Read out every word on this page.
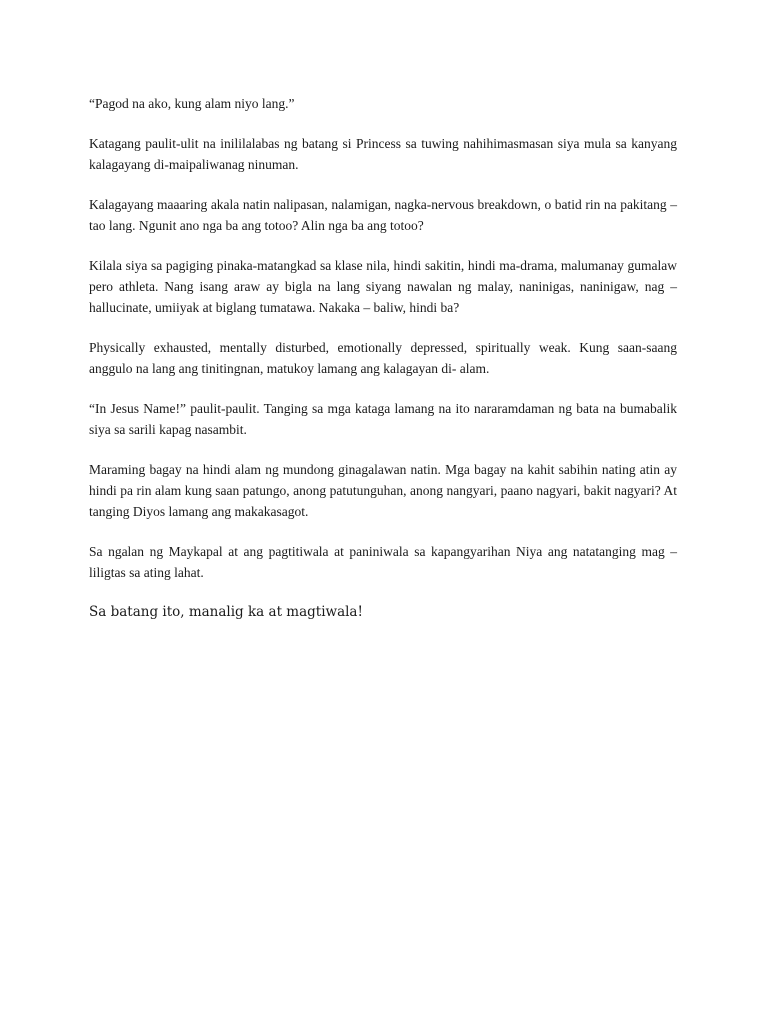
“Pagod na ako, kung alam niyo lang.”

Katagang paulit-ulit na inililalabas ng batang si Princess sa tuwing nahihimasmasan siya mula sa kanyang kalagayang di-maipaliwanag ninuman.

Kalagayang maaaring akala natin nalipasan, nalamigan, nagka-nervous breakdown, o batid rin na pakitang – tao lang. Ngunit ano nga ba ang totoo? Alin nga ba ang totoo?

Kilala siya sa pagiging pinaka-matangkad sa klase nila, hindi sakitin, hindi ma-drama, malumanay gumalaw pero athleta. Nang isang araw ay bigla na lang siyang nawalan ng malay, naninigas, naninigaw, nag – hallucinate, umiiyak at biglang tumatawa. Nakaka – baliw, hindi ba?

Physically exhausted, mentally disturbed, emotionally depressed, spiritually weak. Kung saan-saang anggulo na lang ang tinitingnan, matukoy lamang ang kalagayan di- alam.

“In Jesus Name!” paulit-paulit. Tanging sa mga kataga lamang na ito nararamdaman ng bata na bumabalik siya sa sarili kapag nasambit.

Maraming bagay na hindi alam ng mundong ginagalawan natin. Mga bagay na kahit sabihin nating atin ay hindi pa rin alam kung saan patungo, anong patutunguhan, anong nangyari, paano nagyari, bakit nagyari? At tanging Diyos lamang ang makakasagot.

Sa ngalan ng Maykapal at ang pagtitiwala at paniniwala sa kapangyarihan Niya ang natatanging mag – liligtas sa ating lahat.

Sa batang ito, manalig ka at magtiwala!
